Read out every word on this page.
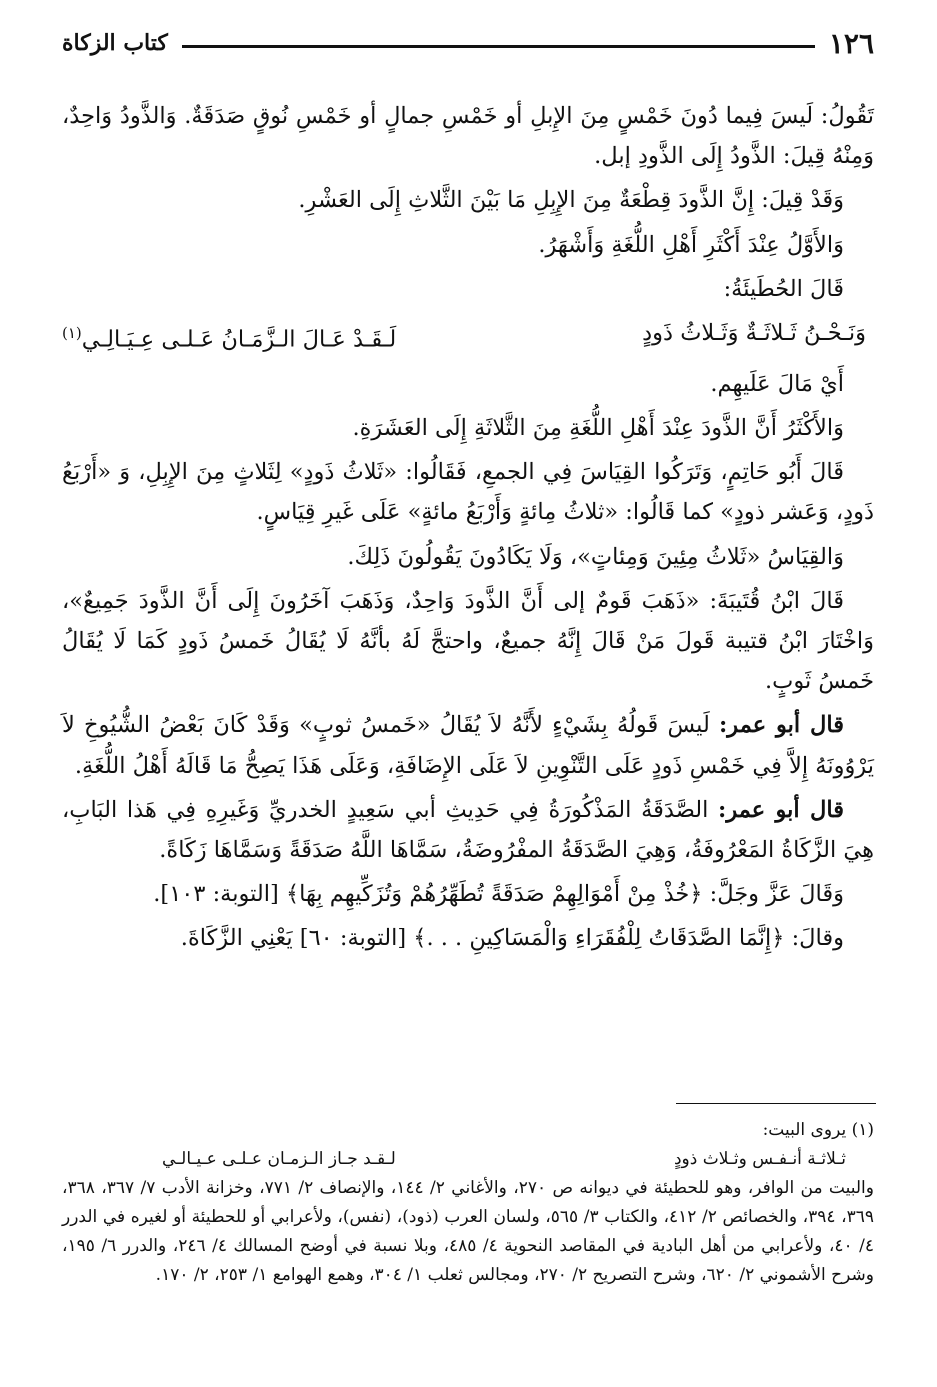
١٢٦
كتاب الزكاة

تَقُولُ: لَيسَ فِيما دُونَ خَمْسٍ مِنَ الإِبلِ أو خَمْسِ جمالٍ أو خَمْسِ نُوقٍ صَدَقَةٌ. وَالذَّودُ وَاحِدٌ، وَمِنْهُ قِيلَ: الذَّودُ إِلَى الذَّودِ إبل.

وَقَدْ قِيلَ: إِنَّ الذَّودَ قِطْعَةٌ مِنَ الإِبِلِ مَا بَيْنَ الثَّلاثِ إِلَى العَشْرِ.

وَالأَوَّلُ عِنْدَ أَكْثَرِ أَهْلِ اللُّغَةِ وَأَشْهَرُ.

قَالَ الحُطَيئَةُ:

وَنَـحْـنُ ثَـلاثَـةٌ وَثَـلاثُ ذَودٍ
لَـقَـدْ عَـالَ الـزَّمَـانُ عَـلـى عِـيَـالِـي$^{(١)}$

أَيْ مَالَ عَلَيهِم.

وَالأَكْثَرُ أَنَّ الذَّودَ عِنْدَ أَهْلِ اللُّغَةِ مِنَ الثَّلاثَةِ إِلَى العَشَرَةِ.

قَالَ أَبُو حَاتِمٍ، وَتَرَكُوا القِيَاسَ فِي الجمعِ، فَقَالُوا: «ثَلاثُ ذَودٍ» لِثَلاثٍ مِنَ الإِبِلِ، وَ «أَرْبَعُ ذَودٍ، وَعَشر ذودٍ» كما قَالُوا: «ثلاثُ مِائةٍ وَأَرْبَعُ مائةٍ» عَلَى غَيرِ قِيَاسٍ.

وَالقِيَاسُ «ثَلاثُ مِئِينَ وَمِئاتٍ»، وَلَا يَكَادُونَ يَقُولُونَ ذَلِكَ.

قَالَ ابْنُ قُتَيبَةَ: «ذَهَبَ قَومٌ إلى أَنَّ الذَّودَ وَاحِدٌ، وَذَهَبَ آخَرُونَ إِلَى أَنَّ الذَّودَ جَمِيعٌ»، وَاخْتَارَ ابْنُ قتيبة قَولَ مَنْ قَالَ إِنَّهُ جميعٌ، واحتجَّ لَهُ بأنَّهُ لَا يُقَالُ خَمسُ ذَودٍ كَمَا لَا يُقَالُ خَمسُ ثَوبٍ.

قال أبو عمر: لَيسَ قَولُهُ بِشَيْءٍ لأَنَّهُ لاَ يُقَالُ «خَمسُ ثوبٍ» وَقَدْ كَانَ بَعْضُ الشُّيُوخِ لاَ يَرْوُونَهُ إِلاَّ فِي خَمْسِ ذَودٍ عَلَى التَّنْوِينِ لاَ عَلَى الإِضَافَةِ، وَعَلَى هَذَا يَصِحُّ مَا قَالَهُ أَهْلُ اللُّغَةِ.

قال أبو عمر: الصَّدَقَةُ المَذْكُورَةُ فِي حَدِيثِ أبي سَعِيدٍ الخدريِّ وَغَيرِهِ فِي هَذا البَابِ، هِيَ الزَّكَاةُ المَعْرُوفَةُ، وَهِيَ الصَّدَقَةُ المفْرُوضَةُ، سَمَّاهَا اللَّهُ صَدَقَةً وَسَمَّاهَا زَكَاةً.

وَقَالَ عَزَّ وجَلَّ: ﴿خُذْ مِنْ أَمْوَالِهِمْ صَدَقَةً تُطَهِّرُهُمْ وَتُزَكِّيهِم بِهَا﴾ [التوبة: ١٠٣].

وقالَ: ﴿إِنَّمَا الصَّدَقَاتُ لِلْفُقَرَاءِ وَالْمَسَاكِينِ . . .﴾ [التوبة: ٦٠] يَعْنِي الزَّكَاةَ.

(١) يروى البيت:

ثـلاثـة أنـفـس وثـلاث ذودٍ
لـقـد جـاز الـزمـان عـلـى عـيـالـي

والبيت من الوافر، وهو للحطيئة في ديوانه ص ٢٧٠، والأغاني ٢/ ١٤٤، والإنصاف ٢/ ٧٧١، وخزانة الأدب ٧/ ٣٦٧، ٣٦٨، ٣٦٩، ٣٩٤، والخصائص ٢/ ٤١٢، والكتاب ٣/ ٥٦٥، ولسان العرب (ذود)، (نفس)، ولأعرابي أو للحطيئة أو لغيره في الدرر ٤/ ٤٠، ولأعرابي من أهل البادية في المقاصد النحوية ٤/ ٤٨٥، وبلا نسبة في أوضح المسالك ٤/ ٢٤٦، والدرر ٦/ ١٩٥، وشرح الأشموني ٢/ ٦٢٠، وشرح التصريح ٢/ ٢٧٠، ومجالس ثعلب ١/ ٣٠٤، وهمع الهوامع ١/ ٢٥٣، ٢/ ١٧٠.
